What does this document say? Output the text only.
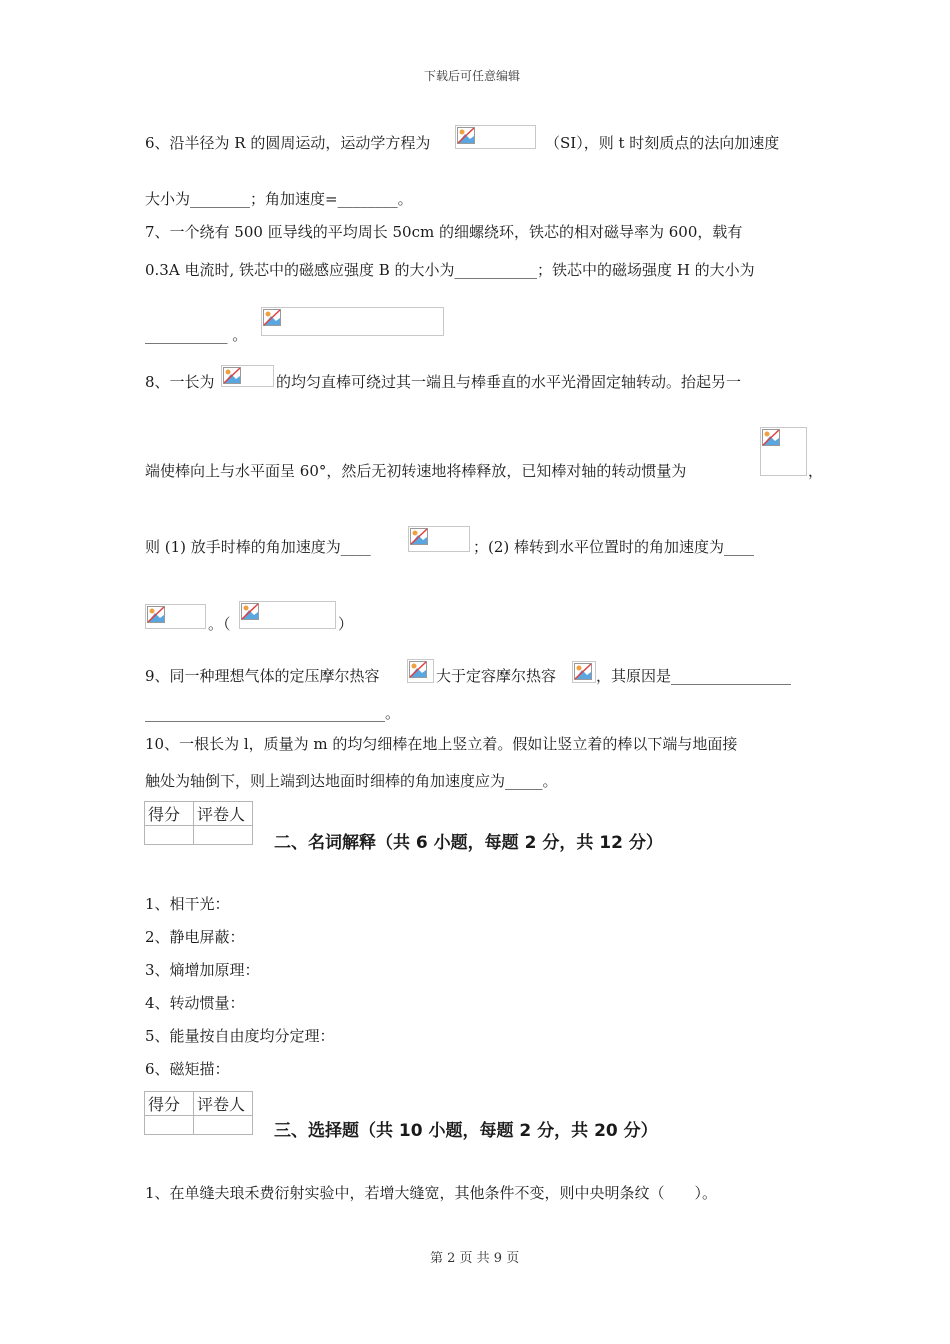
下载后可任意编辑
6、沿半径为 R 的圆周运动，运动学方程为	（SI），则 t 时刻质点的法向加速度
大小为________；角加速度=________。
7、一个绕有 500 匝导线的平均周长 50cm 的细螺绕环，铁芯的相对磁导率为 600，载有
0.3A 电流时, 铁芯中的磁感应强度 B 的大小为___________；铁芯中的磁场强度 H 的大小为
___________ 。
8、一长为	的均匀直棒可绕过其一端且与棒垂直的水平光滑固定轴转动。抬起另一
端使棒向上与水平面呈 60°，然后无初转速地将棒释放，已知棒对轴的转动惯量为	，
则 (1) 放手时棒的角加速度为____	；(2) 棒转到水平位置时的角加速度为____
。（	）
9、同一种理想气体的定压摩尔热容	大于定容摩尔热容	，其原因是________________
________________________________。
10、一根长为 l，质量为 m 的均匀细棒在地上竖立着。假如让竖立着的棒以下端与地面接
触处为轴倒下，则上端到达地面时细棒的角加速度应为_____。
得分	评卷人

二、名词解释（共 6 小题，每题 2 分，共 12 分）
1、相干光：
2、静电屏蔽：
3、熵增加原理：
4、转动惯量：
5、能量按自由度均分定理：
6、磁矩描：
得分	评卷人

三、选择题（共 10 小题，每题 2 分，共 20 分）
1、在单缝夫琅禾费衍射实验中，若增大缝宽，其他条件不变，则中央明条纹（　　）。
第 2 页 共 9 页
